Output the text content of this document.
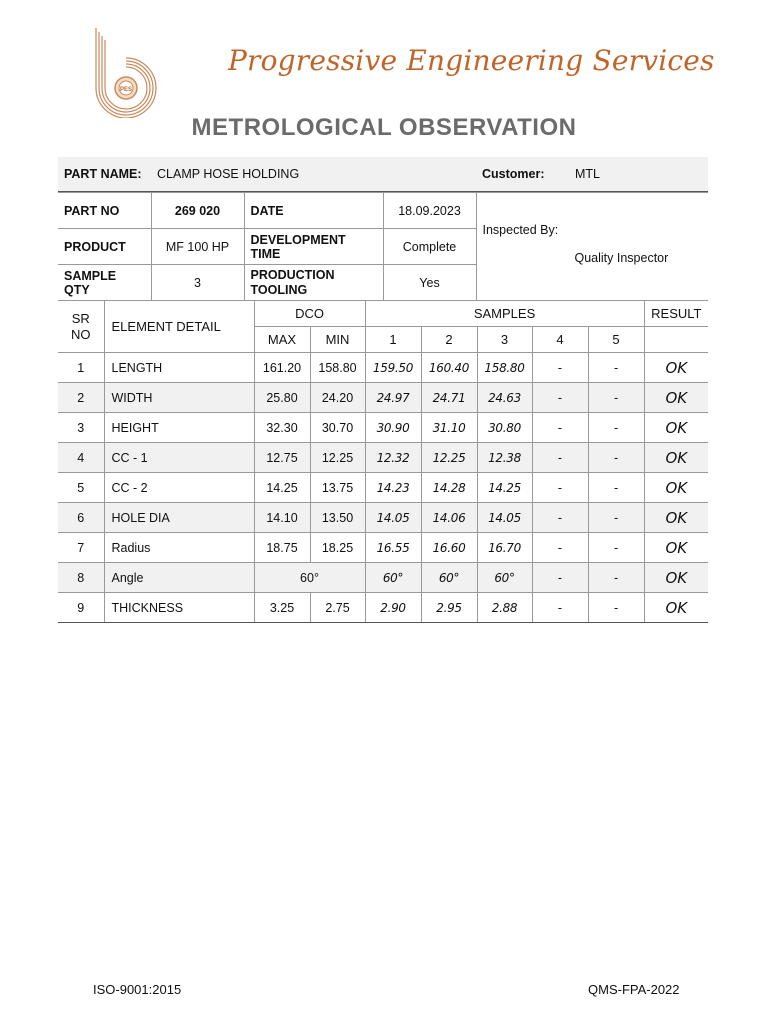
PES
Progressive Engineering Services
METROLOGICAL OBSERVATION
PART NAME:	CLAMP HOSE HOLDING	Customer:	MTL
PART NO	269 020	DATE	18.09.2023	Inspected By:
Quality Inspector

PRODUCT	MF 100 HP	DEVELOPMENT TIME	Complete	
SAMPLE QTY	3	PRODUCTION TOOLING	Yes	
SR NO	ELEMENT DETAIL	DCO		SAMPLES					RESULT
		MAX	MIN	1	2	3	4	5	
1	LENGTH	161.20	158.80	159.50	160.40	158.80	-	-	OK
2	WIDTH	25.80	24.20	24.97	24.71	24.63	-	-	OK
3	HEIGHT	32.30	30.70	30.90	31.10	30.80	-	-	OK
4	CC - 1	12.75	12.25	12.32	12.25	12.38	-	-	OK
5	CC - 2	14.25	13.75	14.23	14.28	14.25	-	-	OK
6	HOLE DIA	14.10	13.50	14.05	14.06	14.05	-	-	OK
7	Radius	18.75	18.25	16.55	16.60	16.70	-	-	OK
8	Angle	60°		60°	60°	60°	-	-	OK
9	THICKNESS	3.25	2.75	2.90	2.95	2.88	-	-	OK
ISO-9001:2015	QMS-FPA-2022
